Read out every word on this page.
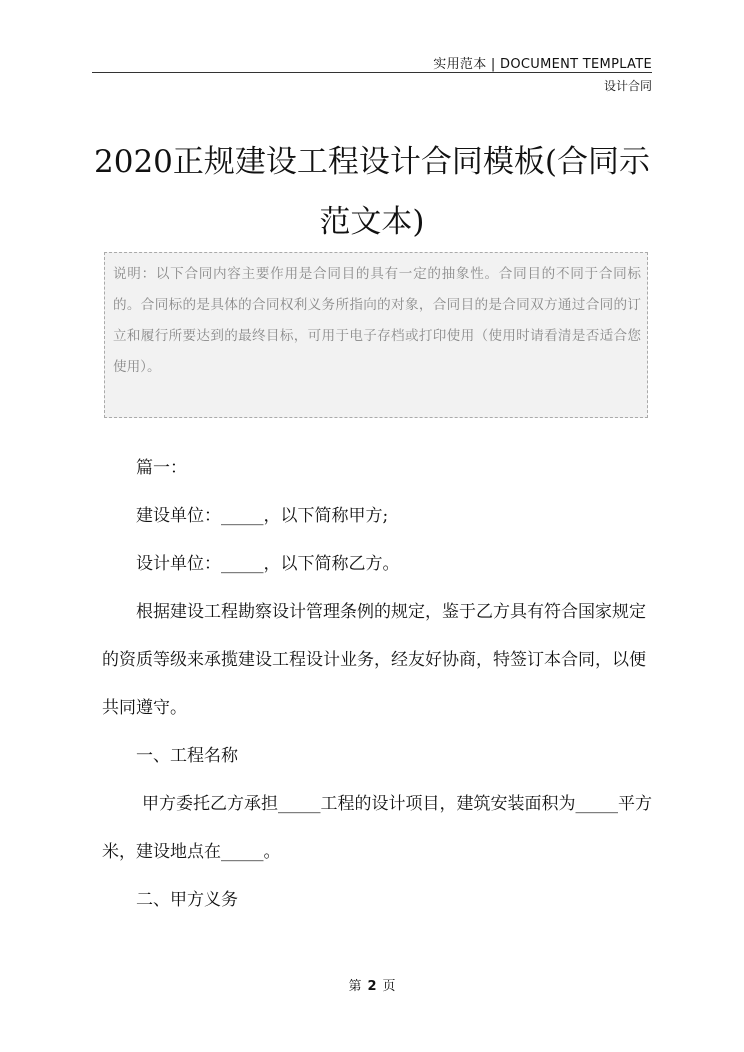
实用范本 | DOCUMENT TEMPLATE
设计合同
2020正规建设工程设计合同模板(合同示范文本)
说明：以下合同内容主要作用是合同目的具有一定的抽象性。合同目的不同于合同标的。合同标的是具体的合同权利义务所指向的对象，合同目的是合同双方通过合同的订立和履行所要达到的最终目标，可用于电子存档或打印使用（使用时请看清是否适合您使用）。

篇一：

建设单位：_____，以下简称甲方;

设计单位：_____，以下简称乙方。

根据建设工程勘察设计管理条例的规定，鉴于乙方具有符合国家规定的资质等级来承揽建设工程设计业务，经友好协商，特签订本合同，以便共同遵守。

一、工程名称

甲方委托乙方承担_____工程的设计项目，建筑安装面积为_____平方米，建设地点在_____。

二、甲方义务

第 2 页
